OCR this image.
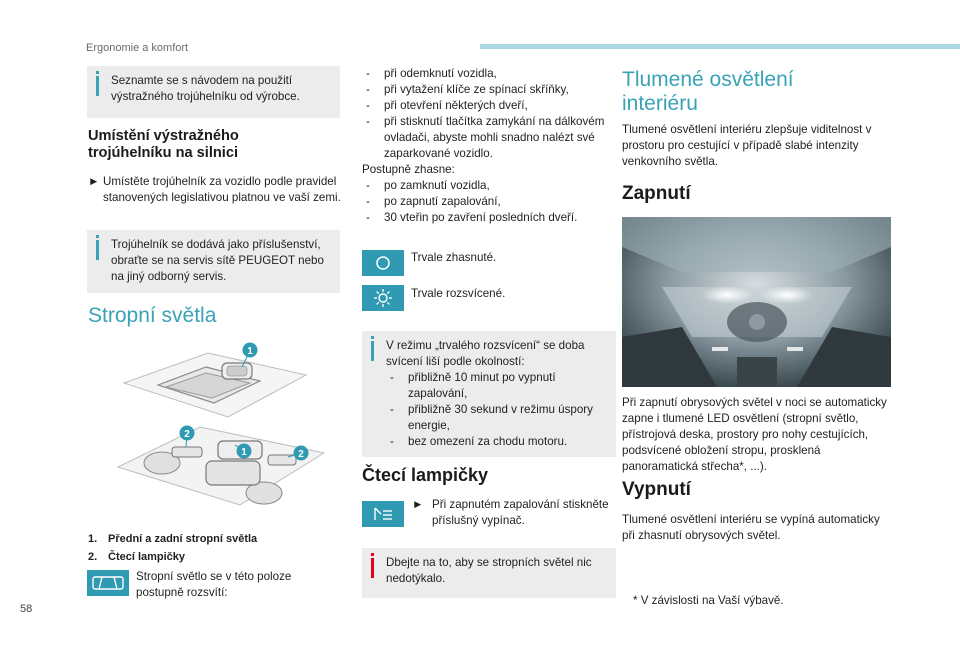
Ergonomie a komfort
Seznamte se s návodem na použití výstražného trojúhelníku od výrobce.
Umístění výstražného trojúhelníku na silnici
► Umístěte trojúhelník za vozidlo podle pravidel stanovených legislativou platnou ve vaší zemi.
Trojúhelník se dodává jako příslušenství, obraťte se na servis sítě PEUGEOT nebo na jiný odborný servis.
Stropní světla
1
2
1	2
1. Přední a zadní stropní světla
2. Čtecí lampičky
Stropní světlo se v této poloze postupně rozsvítí:
- při odemknutí vozidla,
- při vytažení klíče ze spínací skříňky,
- při otevření některých dveří,
- při stisknutí tlačítka zamykání na dálkovém ovladači, abyste mohli snadno nalézt své zaparkované vozidlo.
Postupně zhasne:
- po zamknutí vozidla,
- po zapnutí zapalování,
- 30 vteřin po zavření posledních dveří.
Trvale zhasnuté.
Trvale rozsvícené.
V režimu „trvalého rozsvícení“ se doba svícení liší podle okolností:
- přibližně 10 minut po vypnutí zapalování,
- přibližně 30 sekund v režimu úspory energie,
- bez omezení za chodu motoru.
Čtecí lampičky
► Při zapnutém zapalování stiskněte příslušný vypínač.
Dbejte na to, aby se stropních světel nic nedotýkalo.
Tlumené osvětlení interiéru
Tlumené osvětlení interiéru zlepšuje viditelnost v prostoru pro cestující v případě slabé intenzity venkovního světla.
Zapnutí
Při zapnutí obrysových světel v noci se automaticky zapne i tlumené LED osvětlení (stropní světlo, přístrojová deska, prostory pro nohy cestujících, podsvícené obložení stropu, prosklená panoramatická střecha*, ...).
Vypnutí
Tlumené osvětlení interiéru se vypíná automaticky při zhasnutí obrysových světel.
* V závislosti na Vaší výbavě.
58
